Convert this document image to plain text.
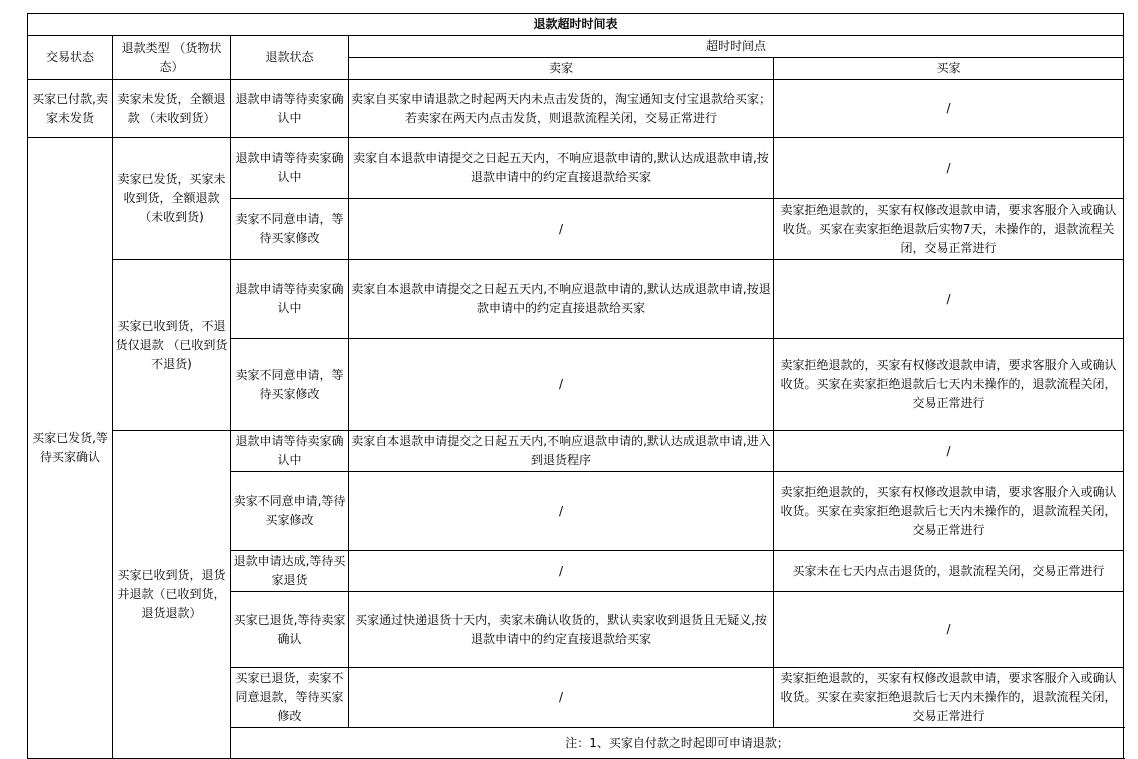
退款超时时间表				
交易状态	退款类型 （货物状态）	退款状态	超时时间点	
			卖家	买家
买家已付款,卖家未发货	卖家未发货，全额退款 （未收到货）	退款申请等待卖家确认中	卖家自买家申请退款之时起两天内未点击发货的，淘宝通知支付宝退款给买家；若卖家在两天内点击发货，则退款流程关闭，交易正常进行	/
买家已发货,等待买家确认	卖家已发货，买家未收到货，全额退款 （未收到货)	退款申请等待卖家确认中	卖家自本退款申请提交之日起五天内，不响应退款申请的,默认达成退款申请,按退款申请中的约定直接退款给买家	/
		卖家不同意申请，等待买家修改	/	卖家拒绝退款的，买家有权修改退款申请，要求客服介入或确认收货。买家在卖家拒绝退款后实物7天，未操作的，退款流程关闭，交易正常进行
	买家已收到货，不退货仅退款 （已收到货不退货)	退款申请等待卖家确认中	卖家自本退款申请提交之日起五天内,不响应退款申请的,默认达成退款申请,按退款申请中的约定直接退款给买家	/
		卖家不同意申请，等待买家修改	/	卖家拒绝退款的，买家有权修改退款申请，要求客服介入或确认收货。买家在卖家拒绝退款后七天内未操作的，退款流程关闭，交易正常进行
	买家已收到货，退货并退款（已收到货，退货退款）	退款申请等待卖家确认中	卖家自本退款申请提交之日起五天内,不响应退款申请的,默认达成退款申请,进入到退货程序	/
		卖家不同意申请,等待买家修改	/	卖家拒绝退款的，买家有权修改退款申请，要求客服介入或确认收货。买家在卖家拒绝退款后七天内未操作的，退款流程关闭，交易正常进行
		退款申请达成,等待买家退货	/	买家未在七天内点击退货的，退款流程关闭，交易正常进行
		买家已退货,等待卖家确认	买家通过快递退货十天内，卖家未确认收货的，默认卖家收到退货且无疑义,按退款申请中的约定直接退款给买家	/
		买家已退货，卖家不同意退款，等待买家修改	/	卖家拒绝退款的，买家有权修改退款申请，要求客服介入或确认收货。买家在卖家拒绝退款后七天内未操作的，退款流程关闭，交易正常进行
		注：1、买家自付款之时起即可申请退款；		
